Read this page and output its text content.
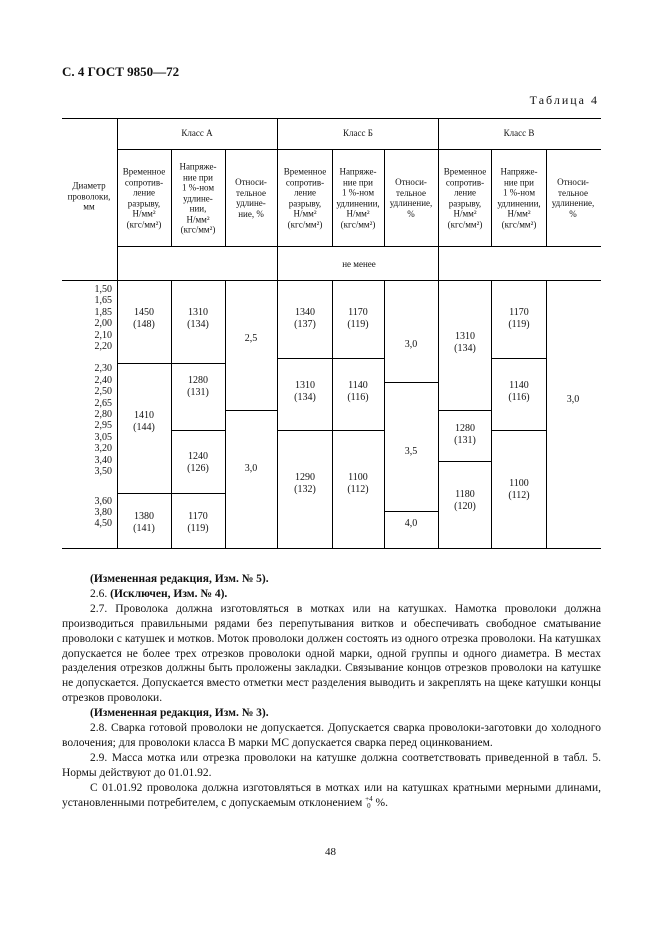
С. 4 ГОСТ 9850—72
Таблица 4
Диаметр
проволоки,
мм
Класс А	Класс Б	Класс В
Временное
сопротив-
ление
разрыву,
Н/мм²
(кгс/мм²)
Напряже-
ние при
1 %-ном
удлине-
нии,
Н/мм²
(кгс/мм²)
Относи-
тельное
удлине-
ние, %
Временное
сопротив-
ление
разрыву,
Н/мм²
(кгс/мм²)
Напряже-
ние при
1 %-ном
удлинении,
Н/мм²
(кгс/мм²)
Относи-
тельное
удлинение,
%
Временное
сопротив-
ление
разрыву,
Н/мм²
(кгс/мм²)
Напряже-
ние при
1 %-ном
удлинении,
Н/мм²
(кгс/мм²)
Относи-
тельное
удлинение,
%
не менее
1,50
1,65
1,85
2,00
2,10
2,20
2,30
2,40
2,50
2,65
2,80
2,95
3,05
3,20
3,40
3,50
3,60
3,80
4,50
1450
(148)
1410
(144)
1380
(141)
1310
(134)
1280
(131)
1240
(126)
1170
(119)
2,5
3,0
1340
(137)
1310
(134)
1290
(132)
1170
(119)
1140
(116)
1100
(112)
3,0
3,5
4,0
1310
(134)
1280
(131)
1180
(120)
1170
(119)
1140
(116)
1100
(112)
3,0

(Измененная редакция, Изм. № 5).

2.6. (Исключен, Изм. № 4).

2.7. Проволока должна изготовляться в мотках или на катушках. Намотка проволоки должна производиться правильными рядами без перепутывания витков и обеспечивать свободное сматывание проволоки с катушек и мотков. Моток проволоки должен состоять из одного отрезка проволоки. На катушках допускается не более трех отрезков проволоки одной марки, одной группы и одного диаметра. В местах разделения отрезков должны быть проложены закладки. Связывание концов отрезков проволоки на катушке не допускается. Допускается вместо отметки мест разделения выводить и закреплять на щеке катушки концы отрезков проволоки.

(Измененная редакция, Изм. № 3).

2.8. Сварка готовой проволоки не допускается. Допускается сварка проволоки-заготовки до холодного волочения; для проволоки класса В марки МС допускается сварка перед оцинкованием.

2.9. Масса мотка или отрезка проволоки на катушке должна соответствовать приведенной в табл. 5. Нормы действуют до 01.01.92.

С 01.01.92 проволока должна изготовляться в мотках или на катушках кратными мерными длинами, установленными потребителем, с допускаемым отклонением +4
0 %.

48
